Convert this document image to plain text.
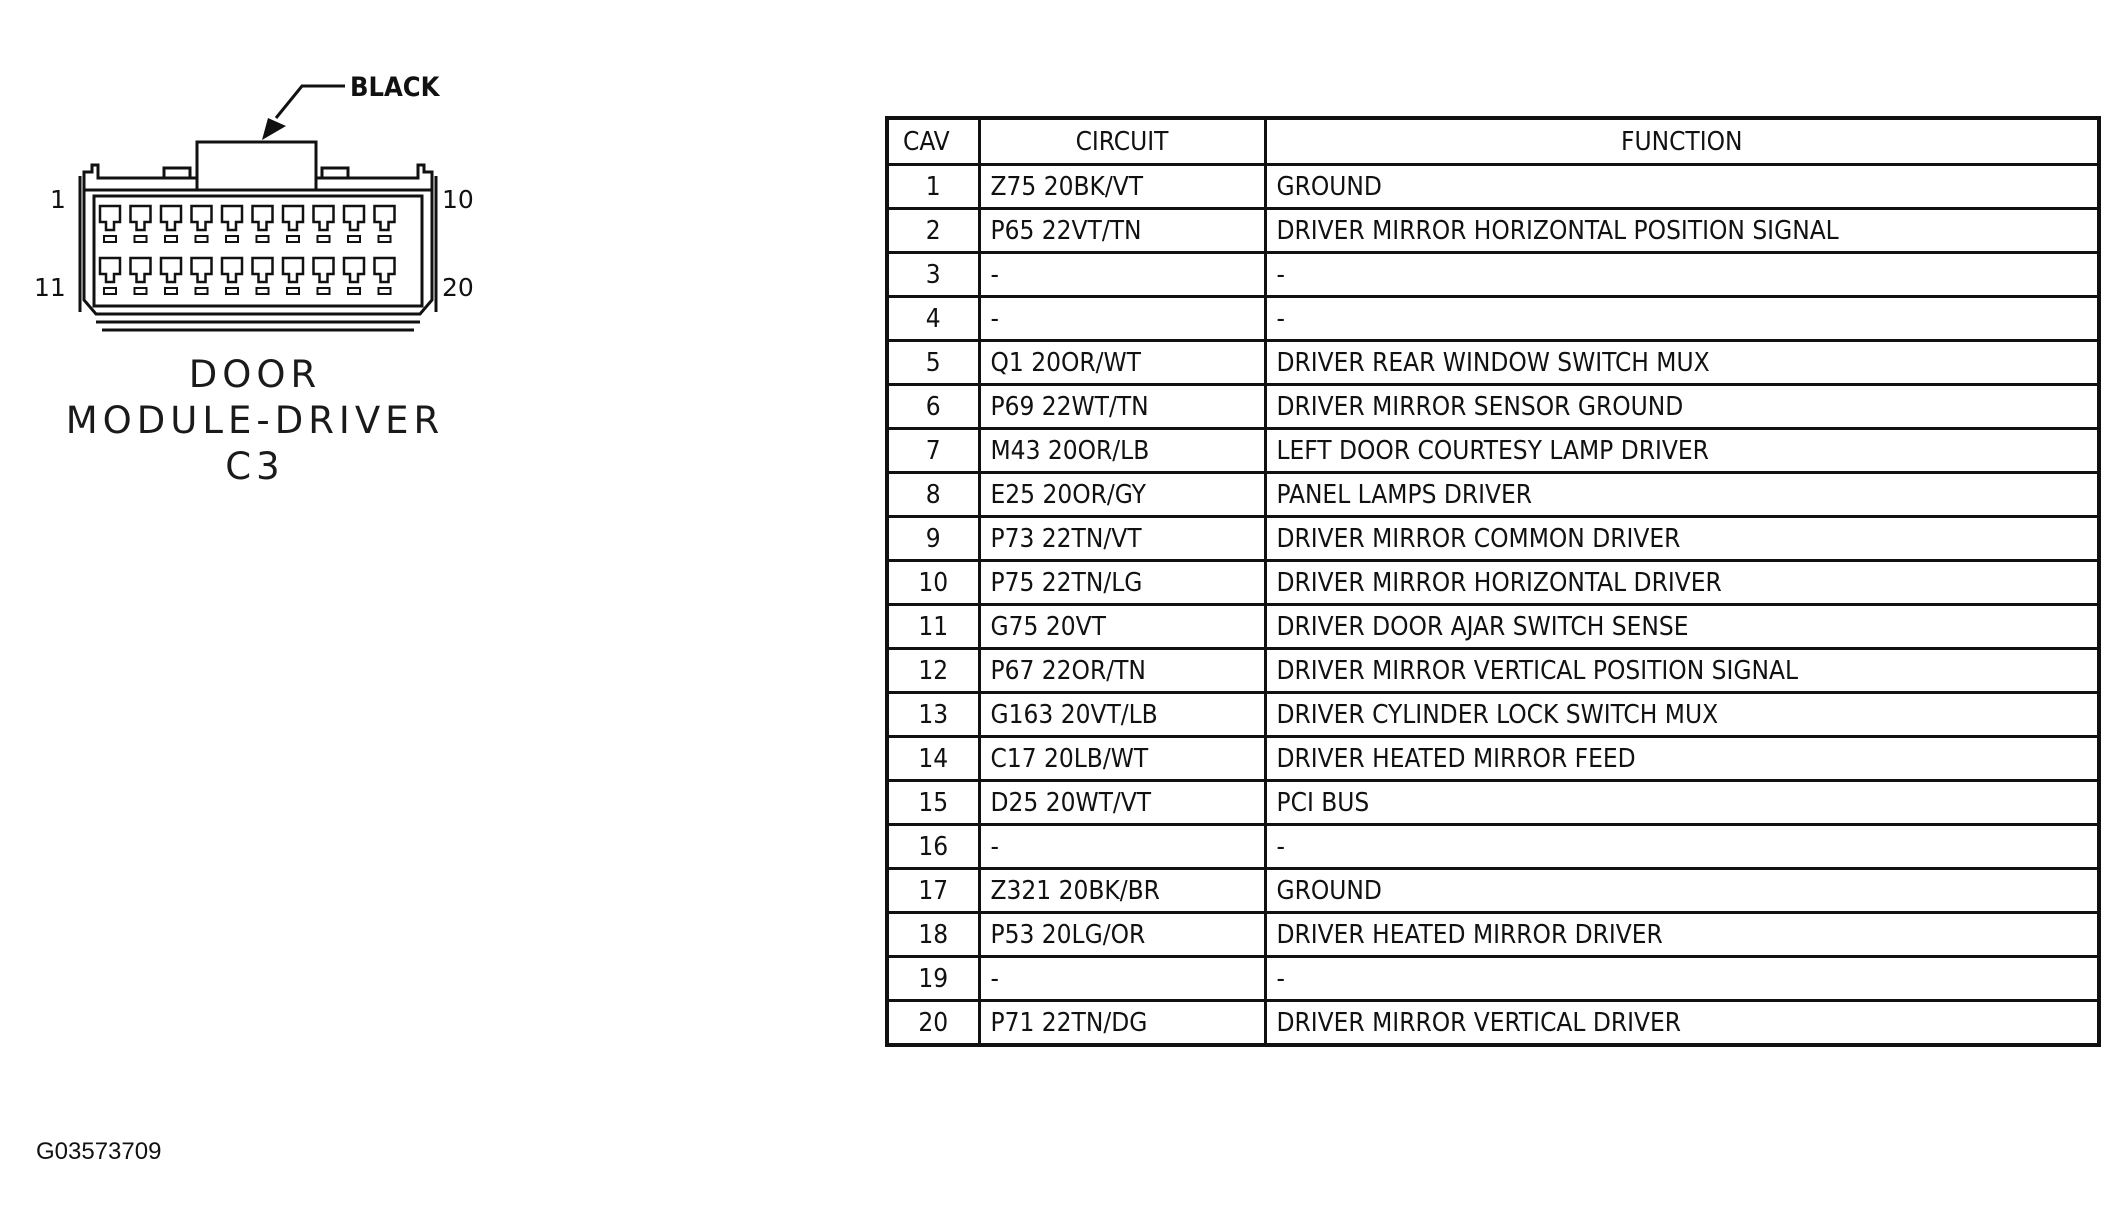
BLACK
1	10
11	20
DOOR
MODULE-DRIVER
C3
G03573709
CAV	CIRCUIT	FUNCTION
1	Z75 20BK/VT	GROUND
2	P65 22VT/TN	DRIVER MIRROR HORIZONTAL POSITION SIGNAL
3	-	-
4	-	-
5	Q1 20OR/WT	DRIVER REAR WINDOW SWITCH MUX
6	P69 22WT/TN	DRIVER MIRROR SENSOR GROUND
7	M43 20OR/LB	LEFT DOOR COURTESY LAMP DRIVER
8	E25 20OR/GY	PANEL LAMPS DRIVER
9	P73 22TN/VT	DRIVER MIRROR COMMON DRIVER
10	P75 22TN/LG	DRIVER MIRROR HORIZONTAL DRIVER
11	G75 20VT	DRIVER DOOR AJAR SWITCH SENSE
12	P67 22OR/TN	DRIVER MIRROR VERTICAL POSITION SIGNAL
13	G163 20VT/LB	DRIVER CYLINDER LOCK SWITCH MUX
14	C17 20LB/WT	DRIVER HEATED MIRROR FEED
15	D25 20WT/VT	PCI BUS
16	-	-
17	Z321 20BK/BR	GROUND
18	P53 20LG/OR	DRIVER HEATED MIRROR DRIVER
19	-	-
20	P71 22TN/DG	DRIVER MIRROR VERTICAL DRIVER
